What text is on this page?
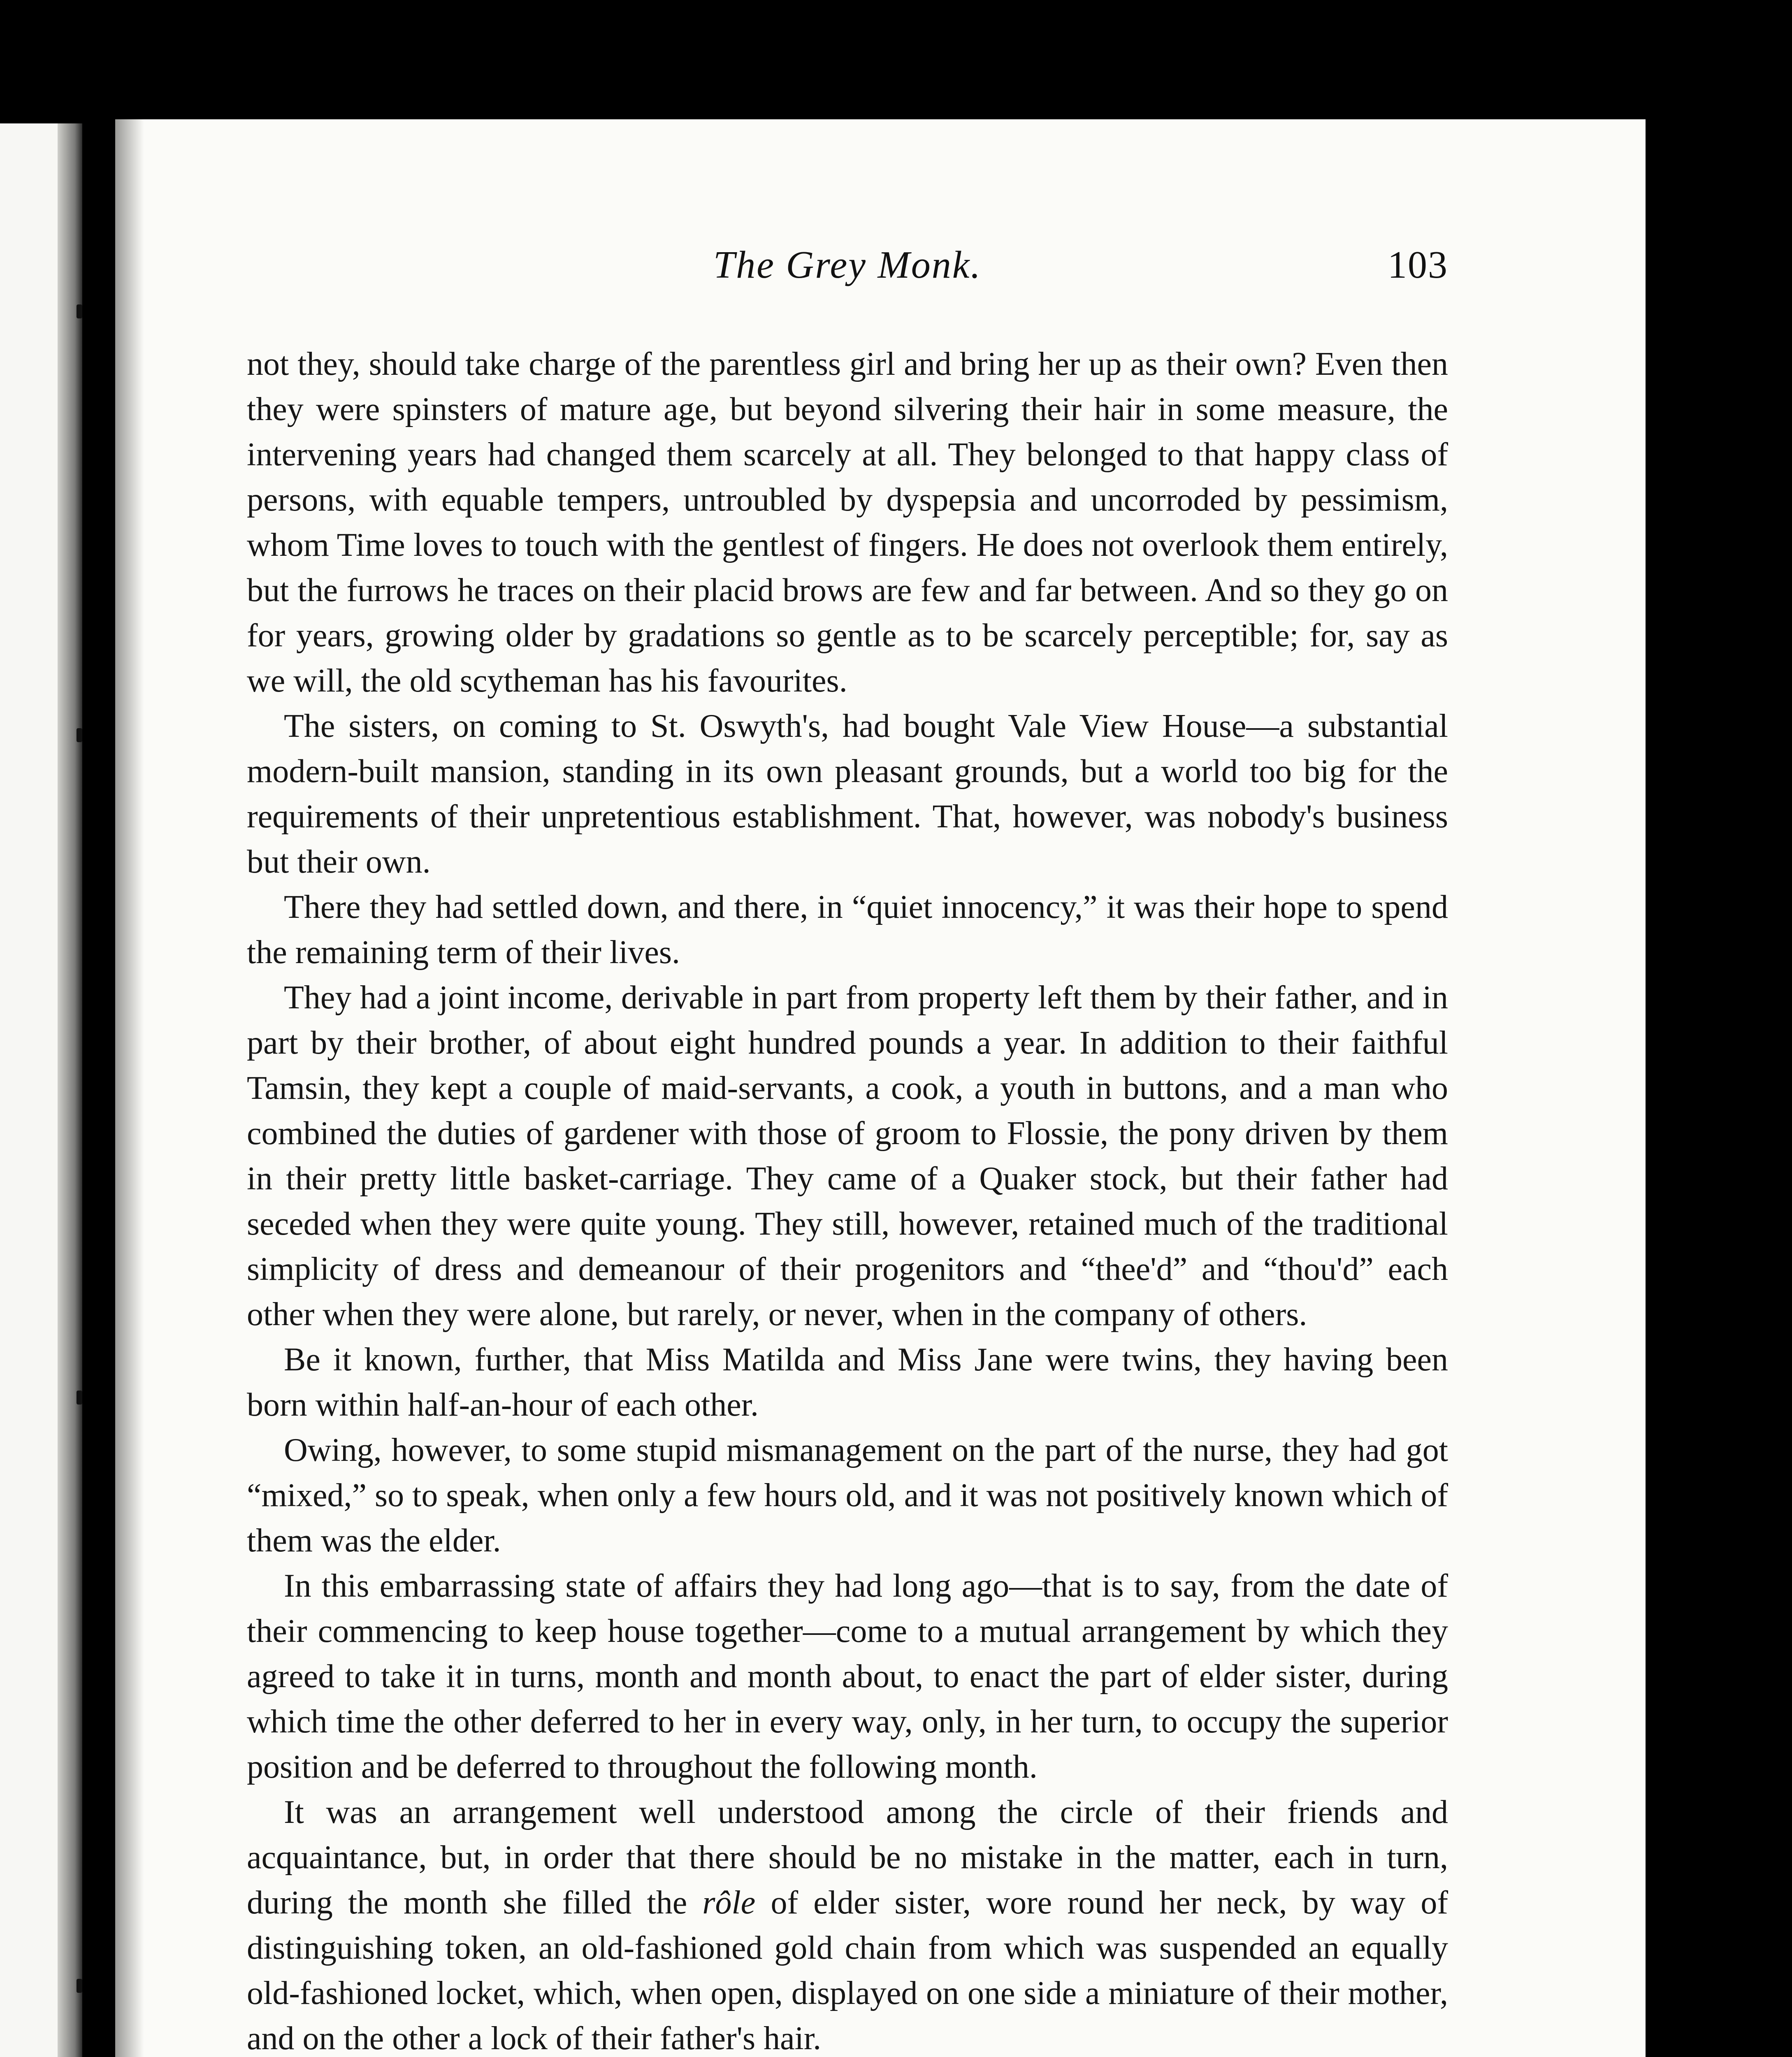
The Grey Monk.	103

not they, should take charge of the parentless girl and bring her up as their own? Even then they were spinsters of mature age, but beyond silvering their hair in some measure, the intervening years had changed them scarcely at all. They belonged to that happy class of persons, with equable tempers, untroubled by dyspepsia and uncorroded by pessimism, whom Time loves to touch with the gentlest of fingers. He does not overlook them entirely, but the furrows he traces on their placid brows are few and far between. And so they go on for years, growing older by gradations so gentle as to be scarcely perceptible; for, say as we will, the old scytheman has his favourites.

The sisters, on coming to St. Oswyth's, had bought Vale View House—a substantial modern-built mansion, standing in its own pleasant grounds, but a world too big for the requirements of their unpretentious establishment. That, however, was nobody's business but their own.

There they had settled down, and there, in “quiet innocency,” it was their hope to spend the remaining term of their lives.

They had a joint income, derivable in part from property left them by their father, and in part by their brother, of about eight hundred pounds a year. In addition to their faithful Tamsin, they kept a couple of maid-servants, a cook, a youth in buttons, and a man who combined the duties of gardener with those of groom to Flossie, the pony driven by them in their pretty little basket-carriage. They came of a Quaker stock, but their father had seceded when they were quite young. They still, however, retained much of the traditional simplicity of dress and demeanour of their progenitors and “thee'd” and “thou'd” each other when they were alone, but rarely, or never, when in the company of others.

Be it known, further, that Miss Matilda and Miss Jane were twins, they having been born within half-an-hour of each other.

Owing, however, to some stupid mismanagement on the part of the nurse, they had got “mixed,” so to speak, when only a few hours old, and it was not positively known which of them was the elder.

In this embarrassing state of affairs they had long ago—that is to say, from the date of their commencing to keep house together—come to a mutual arrangement by which they agreed to take it in turns, month and month about, to enact the part of elder sister, during which time the other deferred to her in every way, only, in her turn, to occupy the superior position and be deferred to throughout the following month.

It was an arrangement well understood among the circle of their friends and acquaintance, but, in order that there should be no mistake in the matter, each in turn, during the month she filled the rôle of elder sister, wore round her neck, by way of distinguishing token, an old-fashioned gold chain from which was suspended an equally old-fashioned locket, which, when open, displayed on one side a miniature of their mother, and on the other a lock of their father's hair.
